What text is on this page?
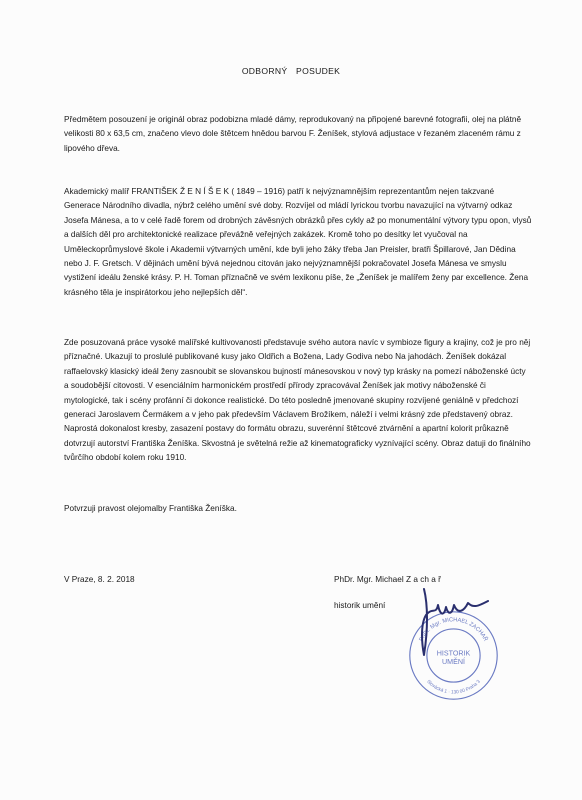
ODBORNÝ POSUDEK

Předmětem posouzení je originál obraz podobizna mladé dámy, reprodukovaný na připojené barevné fotografii, olej na plátně velikosti 80 x 63,5 cm, značeno vlevo dole štětcem hnědou barvou F. Ženíšek, stylová adjustace v řezaném zlaceném rámu z lipového dřeva.

Akademický malíř FRANTIŠEK Ž E N Í Š E K ( 1849 – 1916) patří k nejvýznamnějším reprezentantům nejen takzvané Generace Národního divadla, nýbrž celého umění své doby. Rozvíjel od mládí lyrickou tvorbu navazující na výtvarný odkaz Josefa Mánesa, a to v celé řadě forem od drobných závěsných obrázků přes cykly až po monumentální výtvory typu opon, vlysů a dalších děl pro architektonické realizace převážně veřejných zakázek. Kromě toho po desítky let vyučoval na Uměleckoprůmyslové škole i Akademii výtvarných umění, kde byli jeho žáky třeba Jan Preisler, bratři Špillarové, Jan Dědina nebo J. F. Gretsch. V dějinách umění bývá nejednou citován jako nejvýznamnější pokračovatel Josefa Mánesa ve smyslu vystižení ideálu ženské krásy. P. H. Toman příznačně ve svém lexikonu píše, že „Ženíšek je malířem ženy par excellence. Žena krásného těla je inspirátorkou jeho nejlepších děl“.

Zde posuzovaná práce vysoké malířské kultivovanosti představuje svého autora navíc v symbioze figury a krajiny, což je pro něj příznačné. Ukazují to proslulé publikované kusy jako Oldřich a Božena, Lady Godiva nebo Na jahodách. Ženíšek dokázal raffaelovský klasický ideál ženy zasnoubit se slovanskou bujností mánesovskou v nový typ krásky na pomezí náboženské úcty a soudobější citovosti. V esenciálním harmonickém prostředí přírody zpracovával Ženíšek jak motivy náboženské či mytologické, tak i scény profánní či dokonce realistické. Do této posledně jmenované skupiny rozvíjené geniálně v předchozí generaci Jaroslavem Čermákem a v jeho pak především Václavem Brožíkem, náleží i velmi krásný zde představený obraz. Naprostá dokonalost kresby, zasazení postavy do formátu obrazu, suverénní štětcové ztvárnění a apartní kolorit průkazně dotvrzují autorství Františka Ženíška. Skvostná je světelná režie až kinematograficky vyznívající scény. Obraz datuji do finálního tvůrčího období kolem roku 1910.

Potvrzuji pravost olejomalby Františka Ženíška.

V Praze, 8. 2. 2018	PhDr. Mgr. Michael Z a ch a ř
historik umění
PhDr. Mgr. MICHAEL ZACHAŘ
Slovácká 1 · 130 00 Praha 3
HISTORIK
UMĚNÍ
